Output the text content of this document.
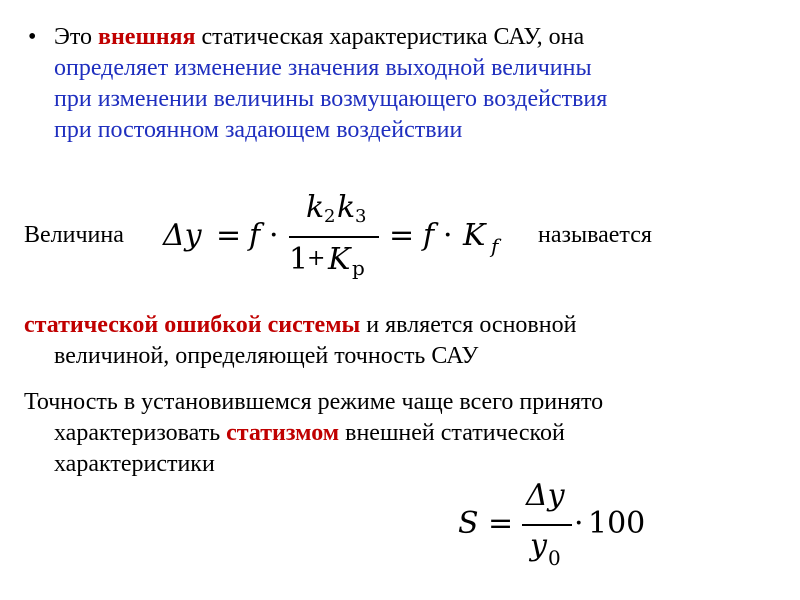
• Это внешняя статическая характеристика САУ, она
определяет изменение значения выходной величины
при изменении величины возмущающего воздействия
при постоянном задающем воздействии
Величина	называется
Δy = f ·
k 2 k 3
1
+ K p
= f · K f
статической ошибкой системы и является основной
величиной, определяющей точность САУ
Точность в установившемся режиме чаще всего принято
характеризовать статизмом внешней статической
характеристики
S =
Δy
y 0
· 100
